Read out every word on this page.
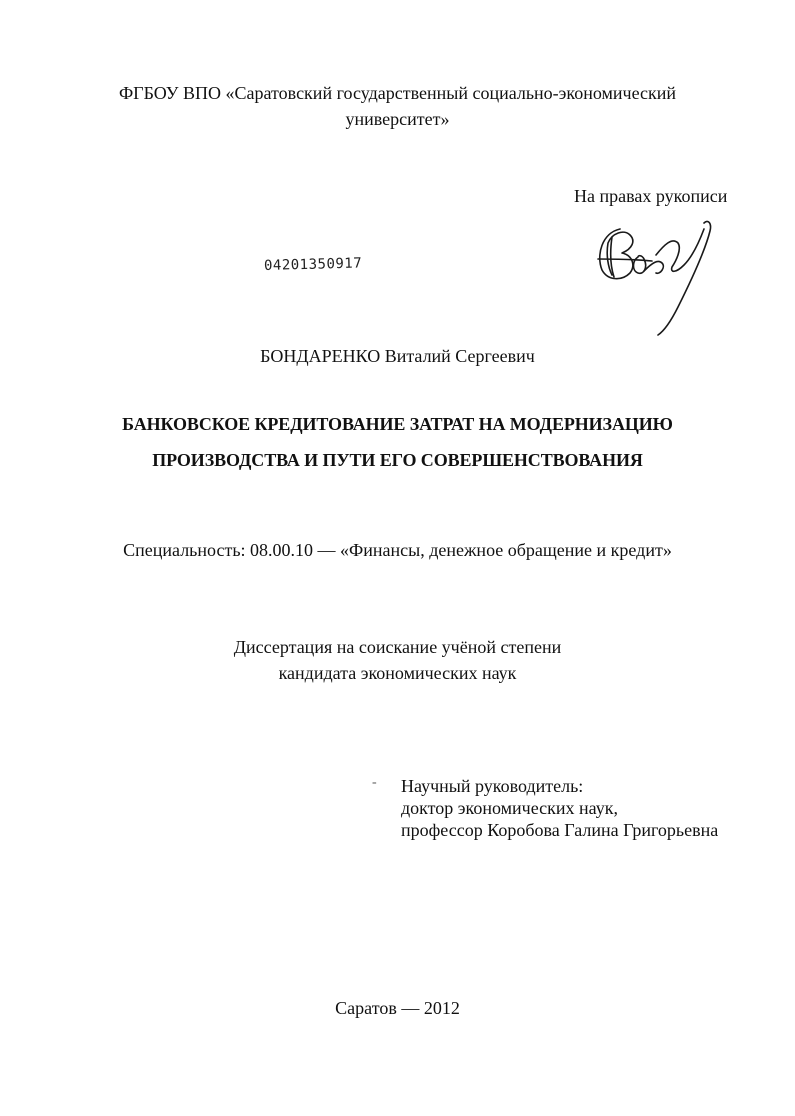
ФГБОУ ВПО «Саратовский государственный социально-экономический
университет»
На правах рукописи
04201350917
БОНДАРЕНКО Виталий Сергеевич
БАНКОВСКОЕ КРЕДИТОВАНИЕ ЗАТРАТ НА МОДЕРНИЗАЦИЮ
ПРОИЗВОДСТВА И ПУТИ ЕГО СОВЕРШЕНСТВОВАНИЯ
Специальность: 08.00.10 — «Финансы, денежное обращение и кредит»
Диссертация на соискание учёной степени
кандидата экономических наук
- Научный руководитель:
доктор экономических наук,
профессор Коробова Галина Григорьевна
Саратов — 2012
